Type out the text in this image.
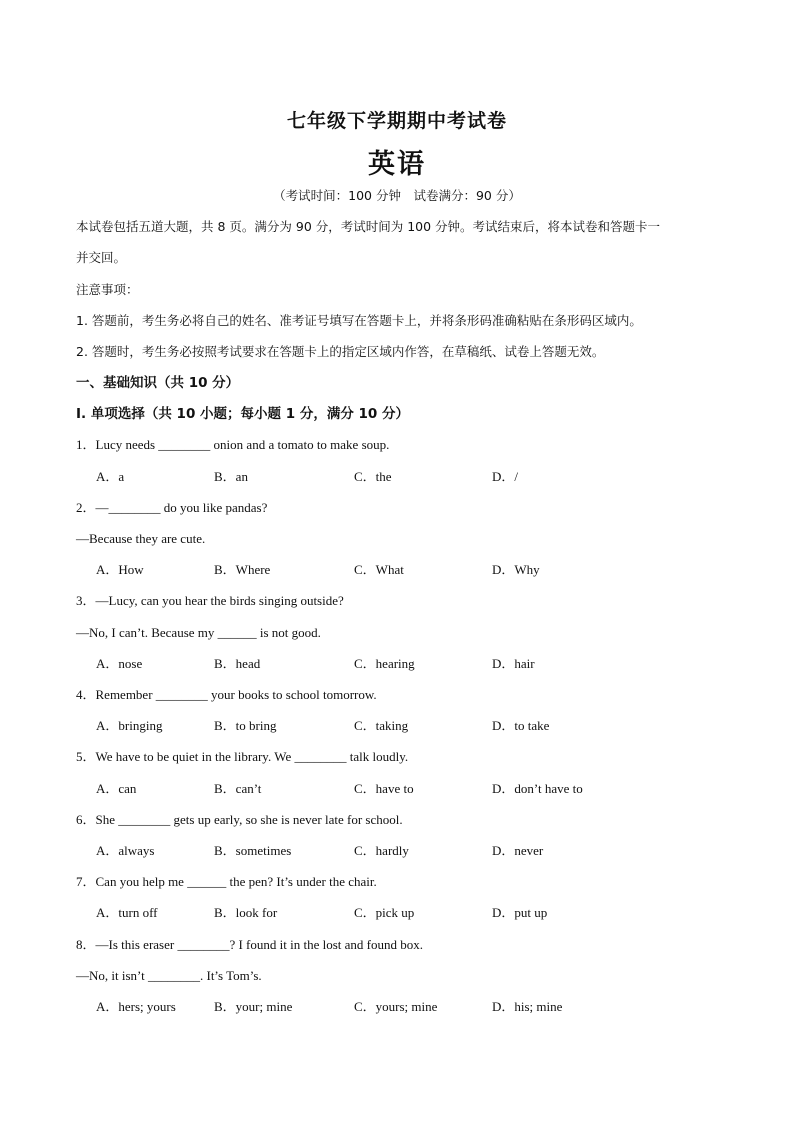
七年级下学期期中考试卷
英语
（考试时间：100 分钟　试卷满分：90 分）
本试卷包括五道大题，共 8 页。满分为 90 分，考试时间为 100 分钟。考试结束后，将本试卷和答题卡一
并交回。
注意事项：
1. 答题前，考生务必将自己的姓名、准考证号填写在答题卡上，并将条形码准确粘贴在条形码区域内。
2. 答题时，考生务必按照考试要求在答题卡上的指定区域内作答，在草稿纸、试卷上答题无效。
一、基础知识（共 10 分）
Ⅰ. 单项选择（共 10 小题；每小题 1 分，满分 10 分）
1．Lucy needs ________ onion and a tomato to make soup.
A．a	B．an	C．the	D．/
2．—________ do you like pandas?
—Because they are cute.
A．How	B．Where	C．What	D．Why
3．—Lucy, can you hear the birds singing outside?
—No, I can’t. Because my ______ is not good.
A．nose	B．head	C．hearing	D．hair
4．Remember ________ your books to school tomorrow.
A．bringing	B．to bring	C．taking	D．to take
5．We have to be quiet in the library. We ________ talk loudly.
A．can	B．can’t	C．have to	D．don’t have to
6．She ________ gets up early, so she is never late for school.
A．always	B．sometimes	C．hardly	D．never
7．Can you help me ______ the pen? It’s under the chair.
A．turn off	B．look for	C．pick up	D．put up
8．—Is this eraser ________? I found it in the lost and found box.
—No, it isn’t ________. It’s Tom’s.
A．hers; yours	B．your; mine	C．yours; mine	D．his; mine
